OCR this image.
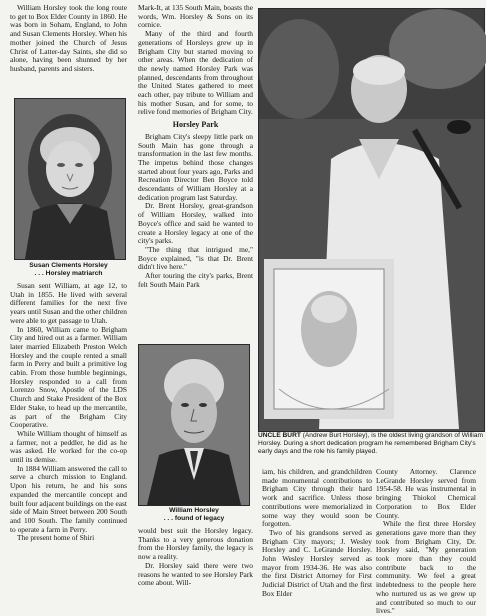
William Horsley took the long route to get to Box Elder County in 1860. He was born in Soham, England, to John and Susan Clements Horsley. When his mother joined the Church of Jesus Christ of Latter-day Saints, she did so alone, having been shunned by her husband, parents and sisters.

Susan Clements Horsley
. . . Horsley matriarch

Susan sent William, at age 12, to Utah in 1855. He lived with several different families for the next five years until Susan and the other children were able to get passage to Utah.

In 1860, William came to Brigham City and hired out as a farmer. William later married Elizabeth Preston Welch Horsley and the couple rented a small farm in Perry and built a primitive log cabin. From those humble beginnings, Horsley responded to a call from Lorenzo Snow, Apostle of the LDS Church and Stake President of the Box Elder Stake, to head up the mercantile, as part of the Brigham City Cooperative.

While William thought of himself as a farmer, not a peddler, he did as he was asked. He worked for the co-op until its demise.

In 1884 William answered the call to serve a church mission to England. Upon his return, he and his sons expanded the mercantile concept and built four adjacent buildings on the east side of Main Street between 200 South and 100 South. The family continued to operate a farm in Perry.

The present home of Shiri

Mark-It, at 135 South Main, boasts the words, Wm. Horsley & Sons on its cornice.

Many of the third and fourth generations of Horsleys grew up in Brigham City but started moving to other areas. When the dedication of the newly named Horsley Park was planned, descendants from throughout the United States gathered to meet each other, pay tribute to William and his mother Susan, and for some, to relive fond memories of Brigham City.

Horsley Park

Brigham City's sleepy little park on South Main has gone through a transformation in the last few months. The impetus behind those changes started about four years ago, Parks and Recreation Director Ben Boyce told descendants of William Horsley at a dedication program last Saturday.

Dr. Brent Horsley, great-grandson of William Horsley, walked into Boyce's office and said he wanted to create a Horsley legacy at one of the city's parks.

"The thing that intrigued me," Boyce explained, "is that Dr. Brent didn't live here."

After touring the city's parks, Brent felt South Main Park

William Horsley
. . . found of legacy

would best suit the Horsley legacy. Thanks to a very generous donation from the Horsley family, the legacy is now a reality.

Dr. Horsley said there were two reasons he wanted to see Horsley Park come about. Will-

UNCLE BURT (Andrew Burt Horsley), is the oldest living grandson of William Horsley. During a short dedication program he remembered Brigham City's early days and the role his family played.

iam, his children, and grandchildren made monumental contributions to Brigham City through their hard work and sacrifice. Unless those contributions were memorialized in some way they would soon be forgotten.

Two of his grandsons served as Brigham City mayors; J. Wesley Horsley and C. LeGrande Horsley. John Wesley Horsley served as mayor from 1934-36. He was also the first District Attorney for First Judicial District of Utah and the first Box Elder

County Attorney. Clarence LeGrande Horsley served from 1954-58. He was instrumental in bringing Thiokol Chemical Corporation to Box Elder County.

While the first three Horsley generations gave more than they took from Brigham City, Dr. Horsley said, "My generation took more than they could contribute back to the community. We feel a great indebtedness to the people here who nurtured us as we grew up and contributed so much to our lives."
